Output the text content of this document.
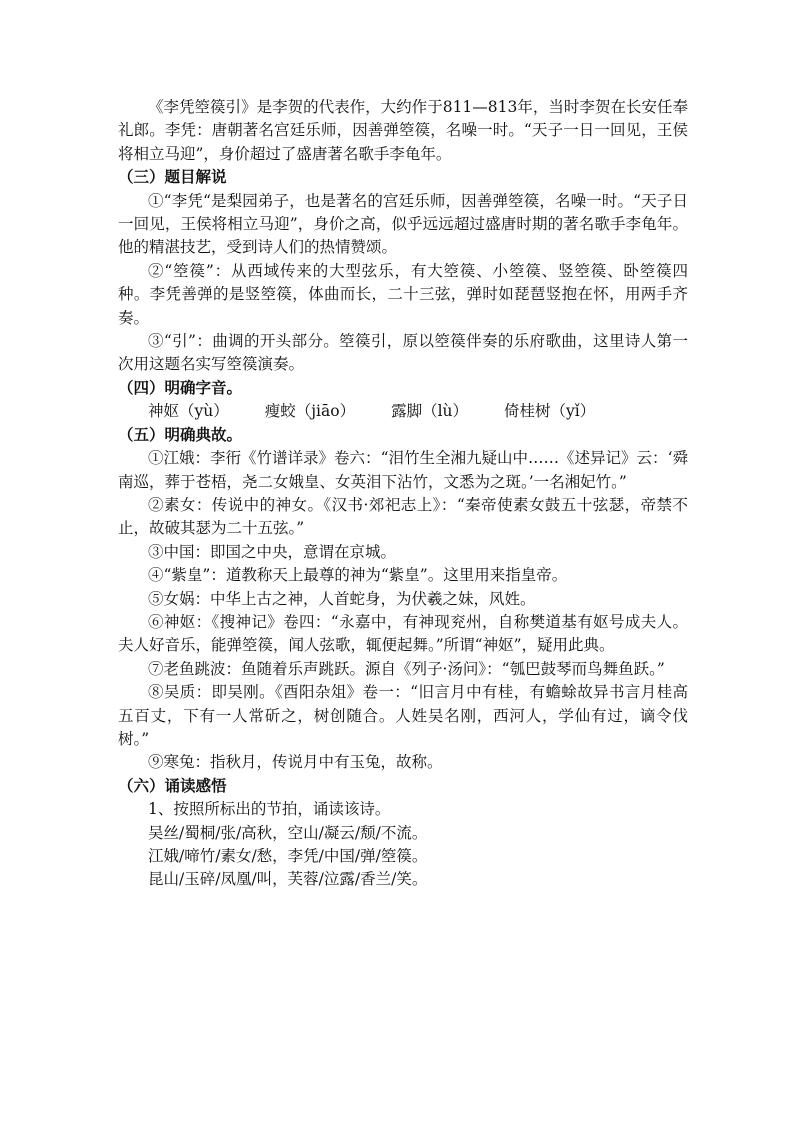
《李凭箜篌引》是李贺的代表作，大约作于811—813年，当时李贺在长安任奉礼郎。李凭：唐朝著名宫廷乐师，因善弹箜篌，名噪一时。“天子一日一回见，王侯将相立马迎”，身价超过了盛唐著名歌手李龟年。

（三）题目解说

①“李凭“是梨园弟子，也是著名的宫廷乐师，因善弹箜篌，名噪一时。“天子日一回见，王侯将相立马迎”，身价之高，似乎远远超过盛唐时期的著名歌手李龟年。他的精湛技艺，受到诗人们的热情赞颂。

②“箜篌”：从西域传来的大型弦乐，有大箜篌、小箜篌、竖箜篌、卧箜篌四种。李凭善弹的是竖箜篌，体曲而长，二十三弦，弹时如琵琶竖抱在怀，用两手齐奏。

③“引”：曲调的开头部分。箜篌引，原以箜篌伴奏的乐府歌曲，这里诗人第一次用这题名实写箜篌演奏。

（四）明确字音。

神妪（yù） 瘦蛟（jiāo） 露脚（lù） 倚桂树（yǐ）

（五）明确典故。

①江娥：李衎《竹谱详录》卷六：“泪竹生全湘九疑山中……《述异记》云：‘舜南巡，葬于苍梧，尧二女娥皇、女英泪下沾竹，文悉为之斑。’一名湘妃竹。”

②素女：传说中的神女。《汉书·郊祀志上》：“秦帝使素女鼓五十弦瑟，帝禁不止，故破其瑟为二十五弦。”

③中国：即国之中央，意谓在京城。

④“紫皇”：道教称天上最尊的神为“紫皇”。这里用来指皇帝。

⑤女娲：中华上古之神，人首蛇身，为伏羲之妹，风姓。

⑥神妪：《搜神记》卷四：“永嘉中，有神现兖州，自称樊道基有妪号成夫人。夫人好音乐，能弹箜篌，闻人弦歌，辄便起舞。”所谓“神妪”，疑用此典。

⑦老鱼跳波：鱼随着乐声跳跃。源自《列子·汤问》：“瓠巴鼓琴而鸟舞鱼跃。”

⑧吴质：即吴刚。《酉阳杂俎》卷一：“旧言月中有桂，有蟾蜍故异书言月桂高五百丈，下有一人常斫之，树创随合。人姓吴名刚，西河人，学仙有过，谪令伐树。”

⑨寒兔：指秋月，传说月中有玉兔，故称。

（六）诵读感悟

1、按照所标出的节拍，诵读该诗。

吴丝/蜀桐/张/高秋，空山/凝云/颓/不流。

江娥/啼竹/素女/愁，李凭/中国/弹/箜篌。

昆山/玉碎/凤凰/叫，芙蓉/泣露/香兰/笑。
